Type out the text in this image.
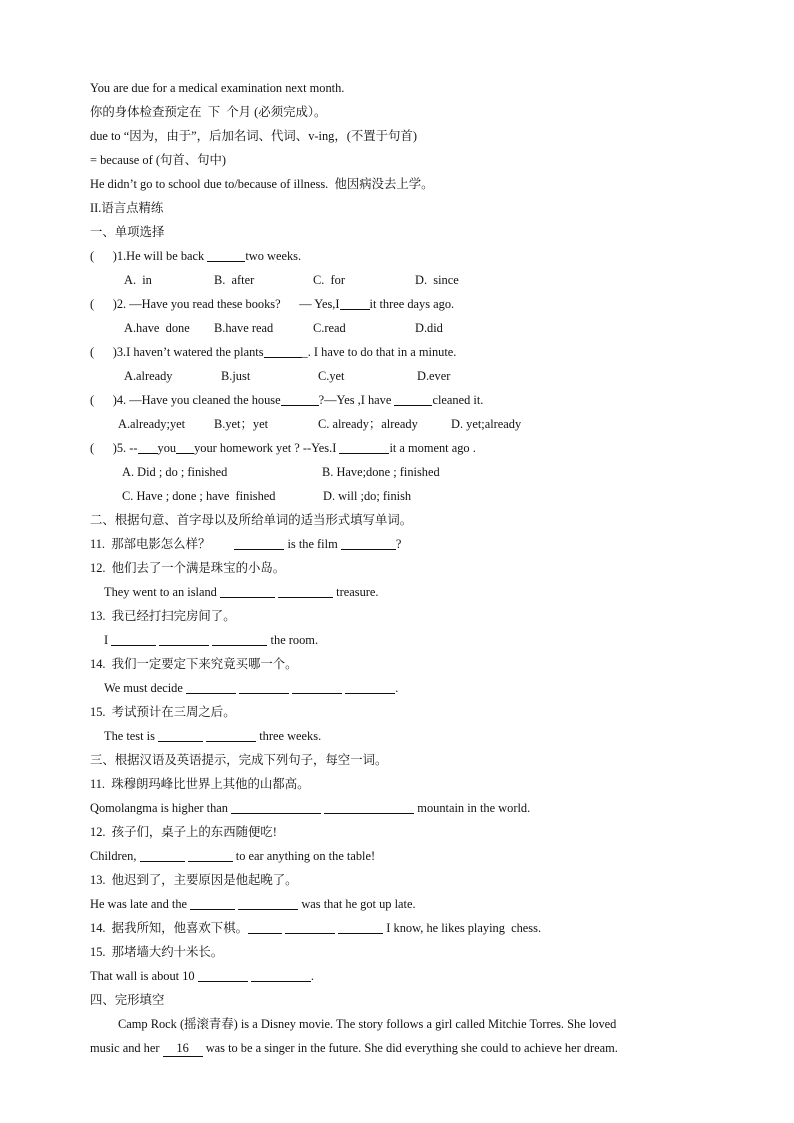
You are due for a medical examination next month.
你的身体检查预定在  下  个月 (必须完成）。
due to “因为，由于”，后加名词、代词、v-ing，(不置于句首)
= because of (句首、句中)
He didn’t go to school due to/because of illness.  他因病没去上学。
II.语言点精练
一、单项选择
(      )1.He will be back	two weeks.
A.  in	B.  after	C.  for	D.  since
(      )2. —Have you read these books?      — Yes,I it three days ago.
A.have  done B.have read	C.read	D.did
(      )3.I haven’t watered the plants	_. I have to do that in a minute.
A.already	B.just	C.yet	D.ever
(      )4. —Have you cleaned the house	?—Yes ,I have	cleaned it.
A.already;yet B.yet；yet	C. already；already	D. yet;already
(      )5. -- you your homework yet ? --Yes.I	it a moment ago .
A. Did ; do ; finished	B. Have;done ; finished
C. Have ; done ; have  finished	D. will ;do; finish
二、根据句意、首字母以及所给单词的适当形式填写单词。
11.  那部电影怎么样？	is the film	?
12.  他们去了一个满是珠宝的小岛。
They went to an island	treasure.
13.  我已经打扫完房间了。
I	the room.
14.  我们一定要定下来究竟买哪一个。
We must decide	.
15.  考试预计在三周之后。
The test is	three weeks.
三、根据汉语及英语提示，完成下列句子，每空一词。
11.  珠穆朗玛峰比世界上其他的山都高。
Qomolangma is higher than	mountain in the world.
12.  孩子们，桌子上的东西随便吃!
Children,	to ear anything on the table!
13.  他迟到了，主要原因是他起晚了。
He was late and the	was that he got up late.
14.  据我所知，他喜欢下棋。	I know, he likes playing  chess.
15.  那堵墙大约十米长。
That wall is about 10	.
四、完形填空
Camp Rock (摇滚青春) is a Disney movie. The story follows a girl called Mitchie Torres. She loved
music and her 16 was to be a singer in the future. She did everything she could to achieve her dream.
